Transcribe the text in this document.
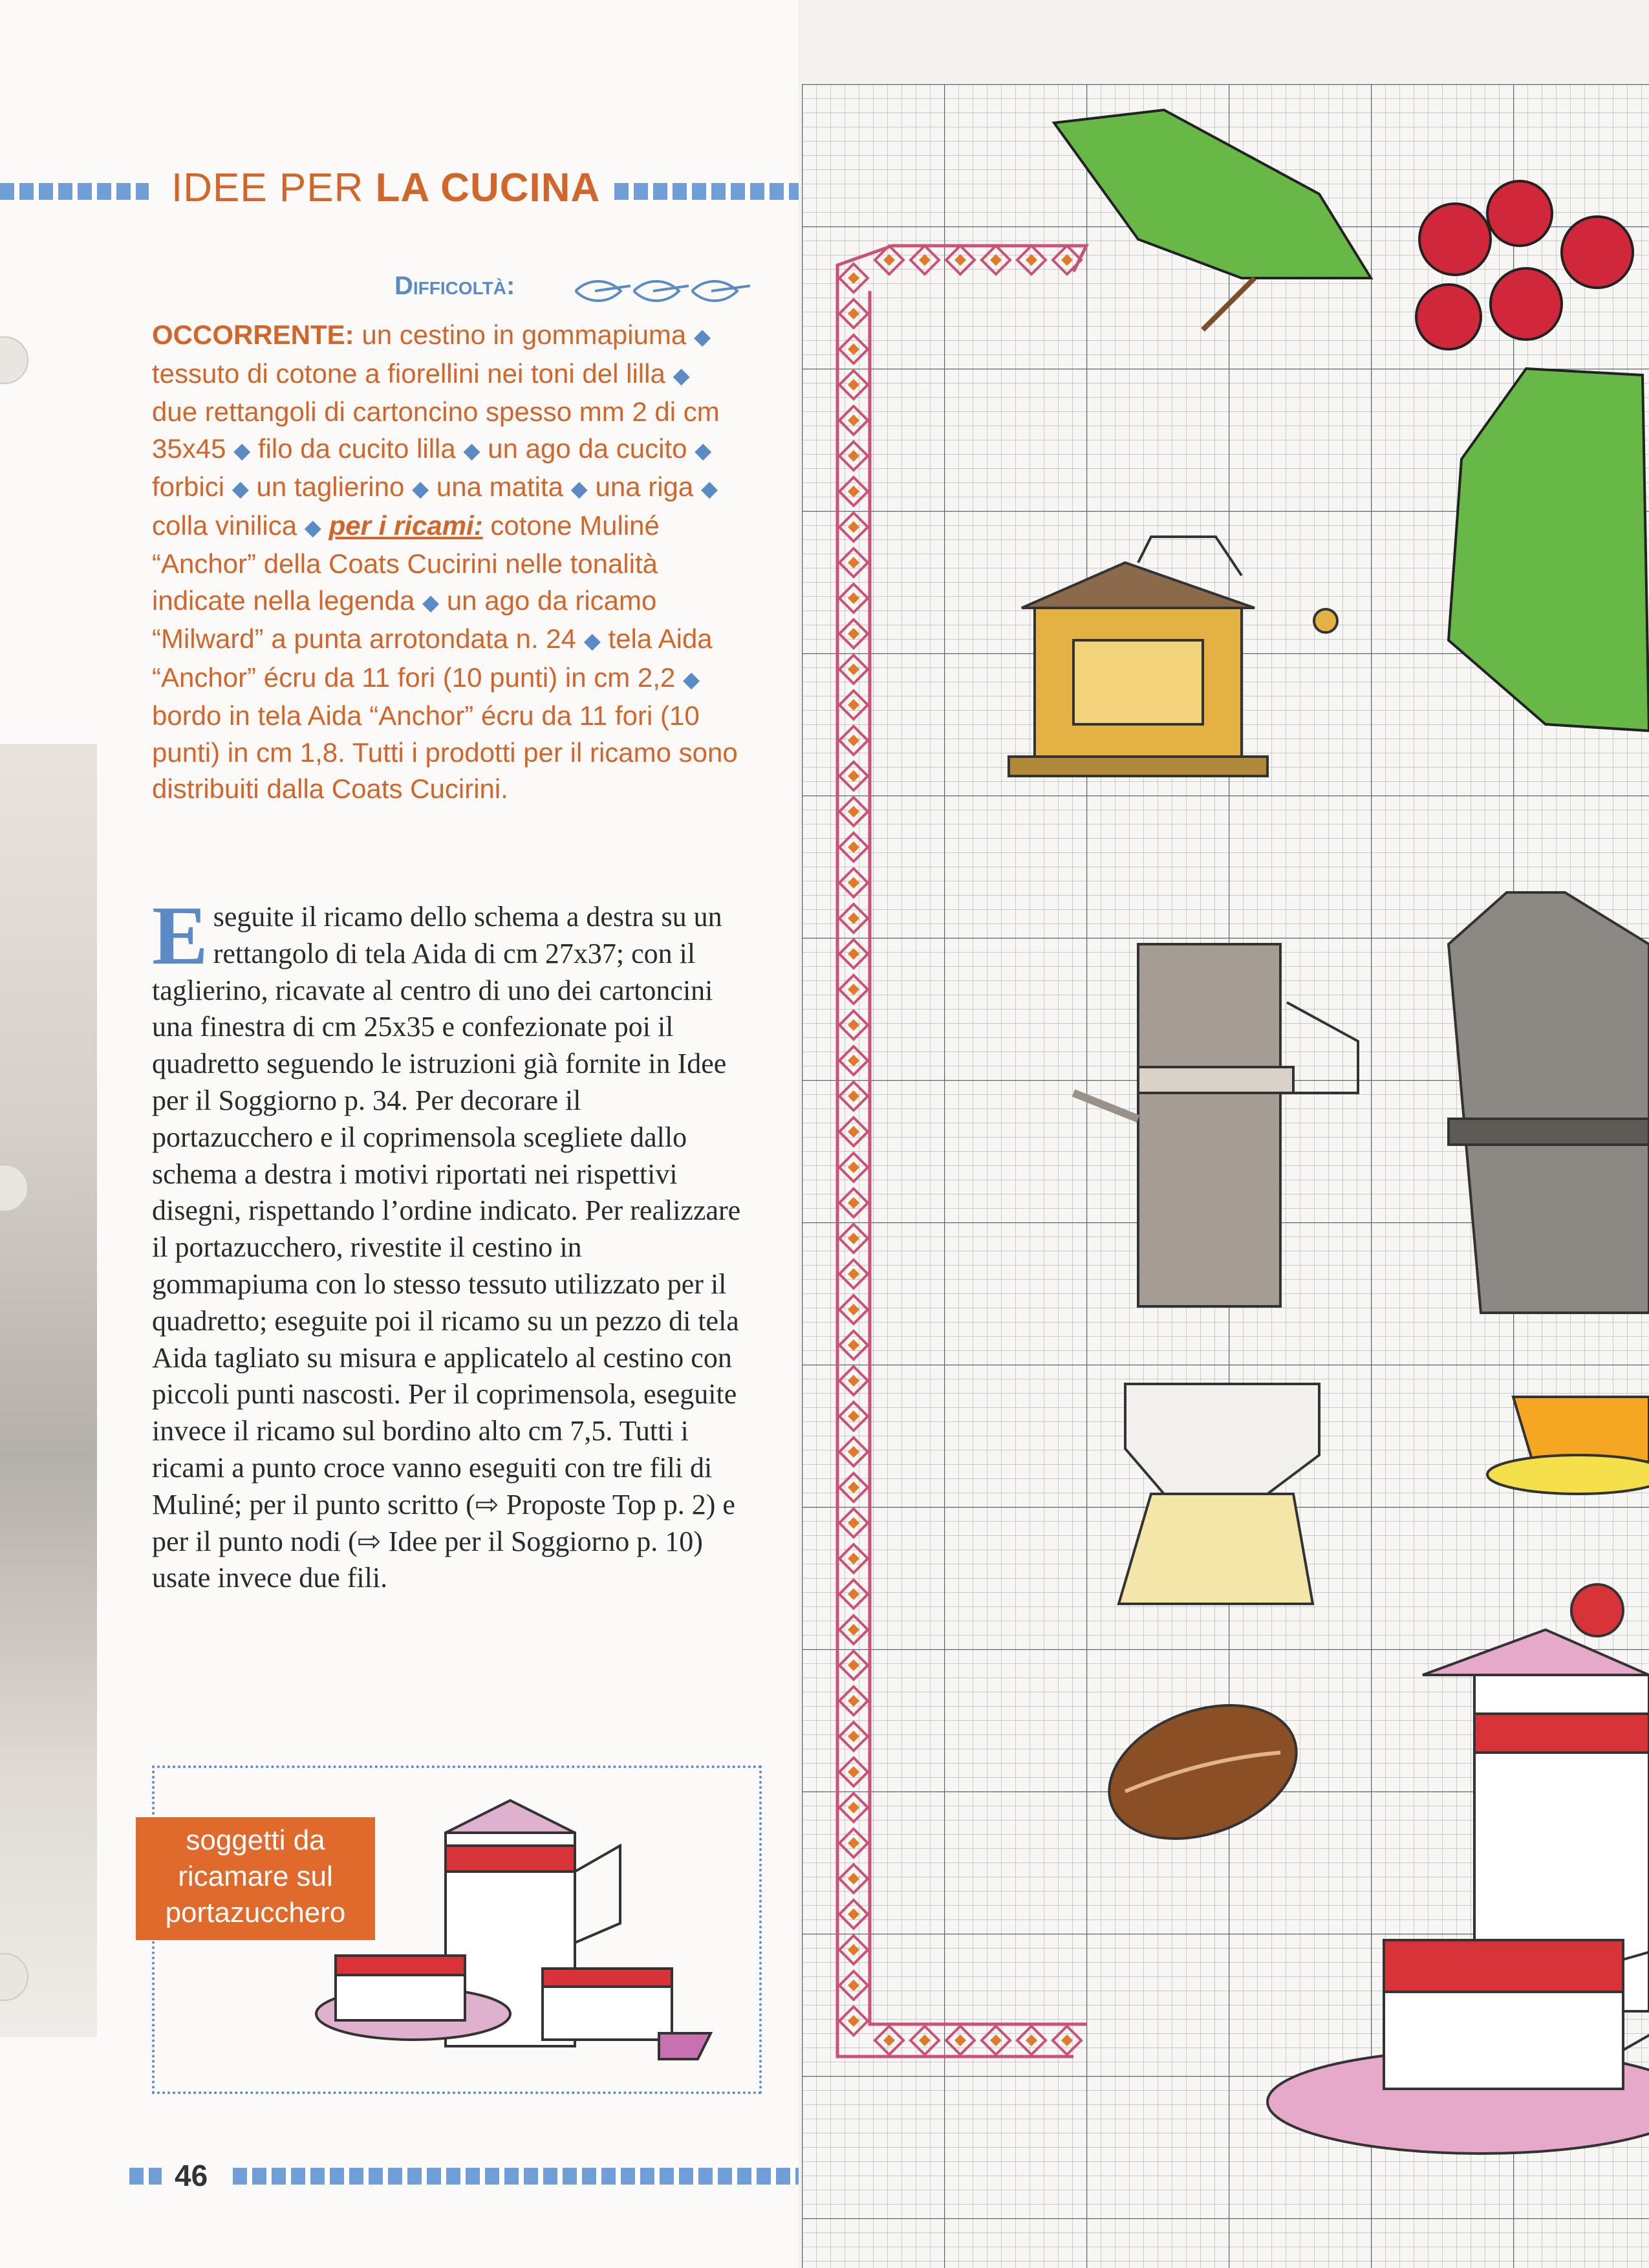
IDEE PER LA CUCINA
Difficoltà:
OCCORRENTE: un cestino in gommapiuma ◆ tessuto di cotone a fiorellini nei toni del lilla ◆ due rettangoli di cartoncino spesso mm 2 di cm 35x45 ◆ filo da cucito lilla ◆ un ago da cucito ◆ forbici ◆ un taglierino ◆ una matita ◆ una riga ◆ colla vinilica ◆ per i ricami: cotone Muliné “Anchor” della Coats Cucirini nelle tonalità indicate nella legenda ◆ un ago da ricamo “Milward” a punta arrotondata n. 24 ◆ tela Aida “Anchor” écru da 11 fori (10 punti) in cm 2,2 ◆ bordo in tela Aida “Anchor” écru da 11 fori (10 punti) in cm 1,8. Tutti i prodotti per il ricamo sono distribuiti dalla Coats Cucirini.
Eseguite il ricamo dello schema a destra su un rettangolo di tela Aida di cm 27x37; con il taglierino, ricavate al centro di uno dei cartoncini una finestra di cm 25x35 e confezionate poi il quadretto seguendo le istruzioni già fornite in Idee per il Soggiorno p. 34. Per decorare il portazucchero e il coprimensola scegliete dallo schema a destra i motivi riportati nei rispettivi disegni, rispettando l’ordine indicato. Per realizzare il portazucchero, rivestite il cestino in gommapiuma con lo stesso tessuto utilizzato per il quadretto; eseguite poi il ricamo su un pezzo di tela Aida tagliato su misura e applicatelo al cestino con piccoli punti nascosti. Per il coprimensola, eseguite invece il ricamo sul bordino alto cm 7,5. Tutti i ricami a punto croce vanno eseguiti con tre fili di Muliné; per il punto scritto (⇨ Proposte Top p. 2) e per il punto nodi (⇨ Idee per il Soggiorno p. 10) usate invece due fili.
soggetti da ricamare sul portazucchero
46
